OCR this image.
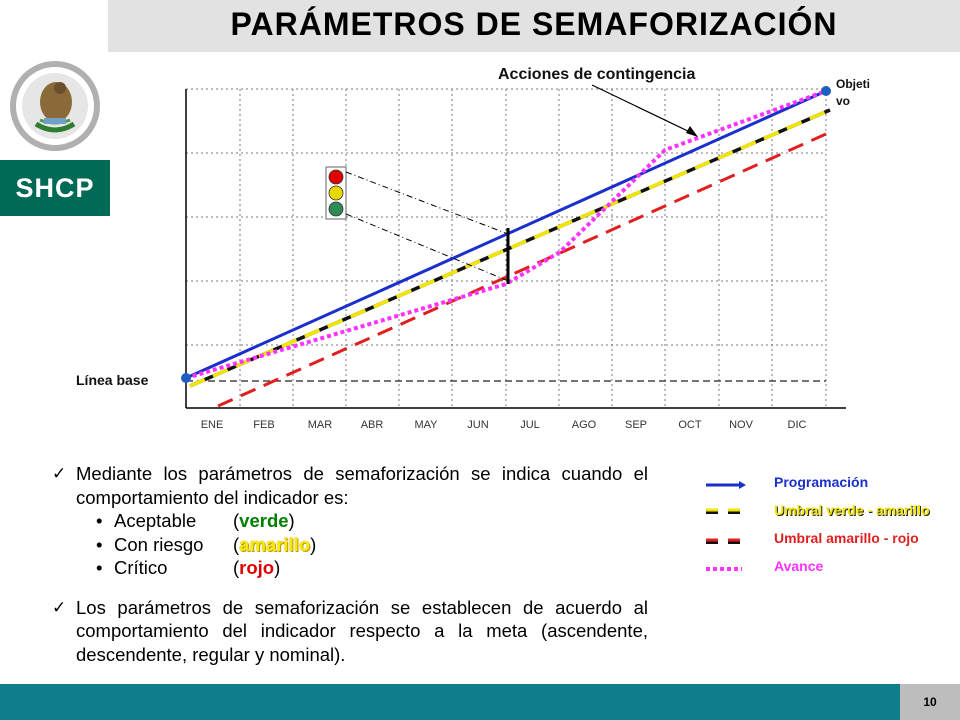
PARÁMETROS DE SEMAFORIZACIÓN
SHCP
ENE	FEB	MAR	ABR	MAY	JUN	JUL	AGO	SEP	OCT NOV	DIC
Acciones de contingencia
Línea base
Objeti
vo
✓ Mediante los parámetros de semaforización se indica cuando el comportamiento del indicador es:
• Aceptable	( verde )
• Con riesgo	( amarillo )
• Crítico	( rojo )
✓ Los parámetros de semaforización se establecen de acuerdo al comportamiento del indicador respecto a la meta (ascendente, descendente, regular y nominal).
Programación
Umbral verde - amarillo
Umbral amarillo - rojo
Avance
10
